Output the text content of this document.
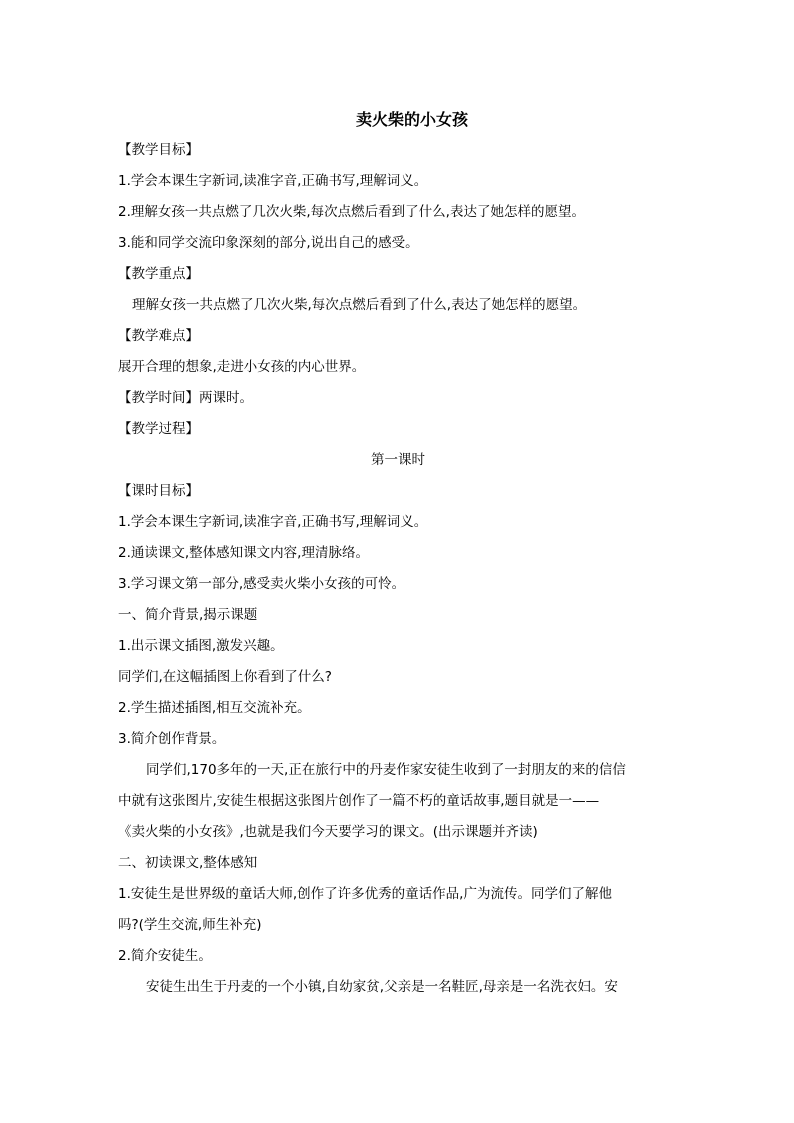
卖火柴的小女孩

【教学目标】

1.学会本课生字新词,读准字音,正确书写,理解词义。

2.理解女孩一共点燃了几次火柴,每次点燃后看到了什么,表达了她怎样的愿望。

3.能和同学交流印象深刻的部分,说出自己的感受。

【教学重点】

理解女孩一共点燃了几次火柴,每次点燃后看到了什么,表达了她怎样的愿望。

【教学难点】

展开合理的想象,走进小女孩的内心世界。

【教学时间】两课时。

【教学过程】

第一课时

【课时目标】

1.学会本课生字新词,读准字音,正确书写,理解词义。

2.通读课文,整体感知课文内容,理清脉络。

3.学习课文第一部分,感受卖火柴小女孩的可怜。

一、简介背景,揭示课题

1.出示课文插图,激发兴趣。

同学们,在这幅插图上你看到了什么?

2.学生描述插图,相互交流补充。

3.简介创作背景。

同学们,170多年的一天,正在旅行中的丹麦作家安徒生收到了一封朋友的来的信信

中就有这张图片,安徒生根据这张图片创作了一篇不朽的童话故事,题目就是一——

《卖火柴的小女孩》,也就是我们今天要学习的课文。(出示课题并齐读)

二、初读课文,整体感知

1.安徒生是世界级的童话大师,创作了许多优秀的童话作品,广为流传。同学们了解他

吗?(学生交流,师生补充)

2.简介安徒生。

安徒生出生于丹麦的一个小镇,自幼家贫,父亲是一名鞋匠,母亲是一名洗衣妇。安
